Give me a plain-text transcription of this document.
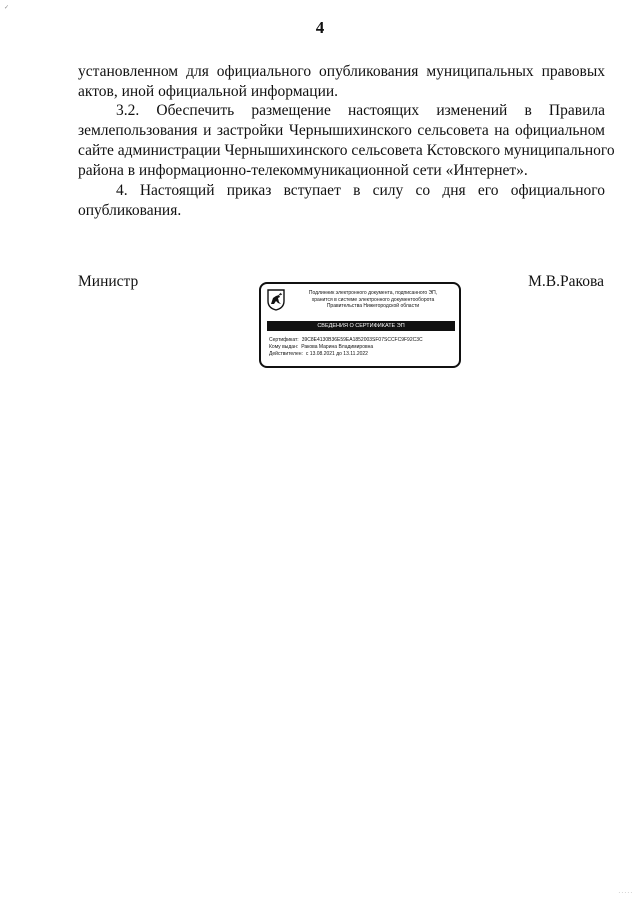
✓
4
установленном для официального опубликования муниципальных правовых
актов, иной официальной информации.
3.2. Обеспечить размещение настоящих изменений в Правила
землепользования и застройки Чернышихинского сельсовета на официальном
сайте администрации Чернышихинского сельсовета Кстовского муниципального
района в информационно-телекоммуникационной сети «Интернет».
4. Настоящий приказ вступает в силу со дня его официального
опубликования.
Министр	М.В.Ракова
Подлинник электронного документа, подписанного ЭП,
хранится в системе электронного документооборота
Правительства Нижегородской области
СВЕДЕНИЯ О СЕРТИФИКАТЕ ЭП
Сертификат: 39C8E4130B36E59EA1852003SF07SCCFC9F92C3C
Кому выдан: Ракова Марина Владимировна
Действителен: с 13.08.2021 до 13.11.2022
. . . . .
